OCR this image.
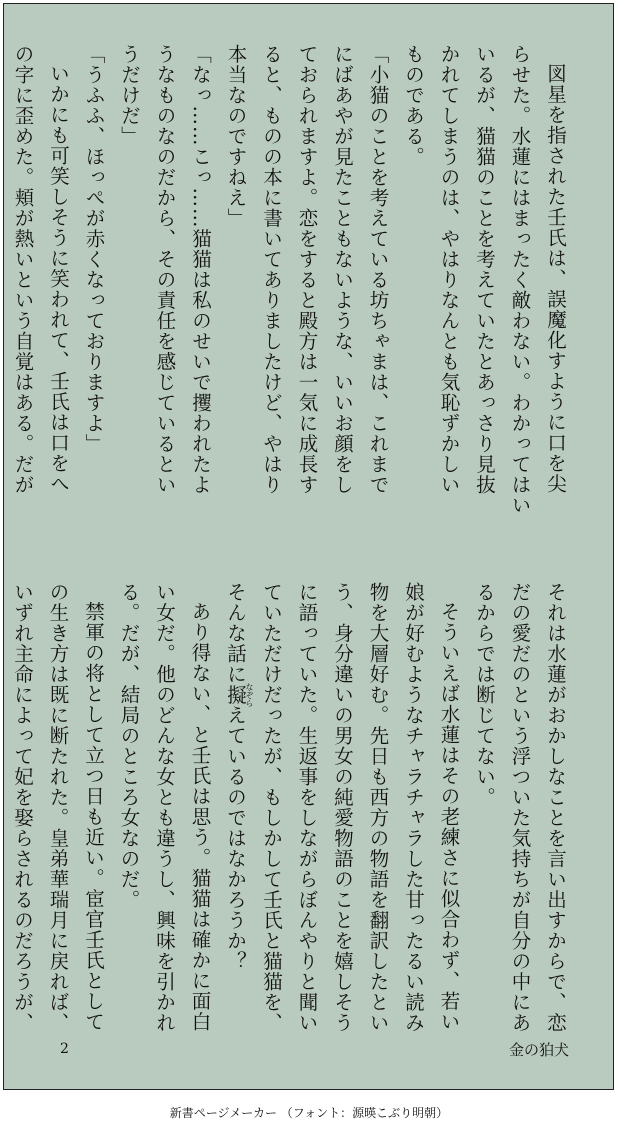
図星を指された壬氏は、誤魔化すように口を尖
らせた。水蓮にはまったく敵わない。わかってはい
いるが、猫猫のことを考えていたとあっさり見抜
かれてしまうのは、やはりなんとも気恥ずかしい
ものである。
「小猫のことを考えている坊ちゃまは、これまで
にばあやが見たこともないような、いいお顔をし
ておられますよ。恋をすると殿方は一気に成長す
ると、ものの本に書いてありましたけど、やはり
本当なのですねえ」
「なっ……こっ……猫猫は私のせいで攫われたよ
うなものなのだから、その責任を感じているとい
うだけだ」
「うふふ、ほっぺが赤くなっておりますよ」
いかにも可笑しそうに笑われて、壬氏は口をへ
の字に歪めた。頬が熱いという自覚はある。だが
それは水蓮がおかしなことを言い出すからで、恋
だの愛だのという浮ついた気持ちが自分の中にあ
るからでは断じてない。
そういえば水蓮はその老練さに似合わず、若い
娘が好むようなチャラチャラした甘ったるい読み
物を大層好む。先日も西方の物語を翻訳したとい
う、身分違いの男女の純愛物語のことを嬉しそう
に語っていた。生返事をしながらぼんやりと聞い
ていただけだったが、もしかして壬氏と猫猫を、
そんな話に擬なぞらえているのではなかろうか？
あり得ない、と壬氏は思う。猫猫は確かに面白
い女だ。他のどんな女とも違うし、興味を引かれ
る。だが、結局のところ女なのだ。
禁軍の将として立つ日も近い。宦官壬氏として
の生き方は既に断たれた。皇弟華瑞月に戻れば、
いずれ主命によって妃を娶らされるのだろうが、
2	金の狛犬
新書ページメーカー （フォント：源暎こぶり明朝）
